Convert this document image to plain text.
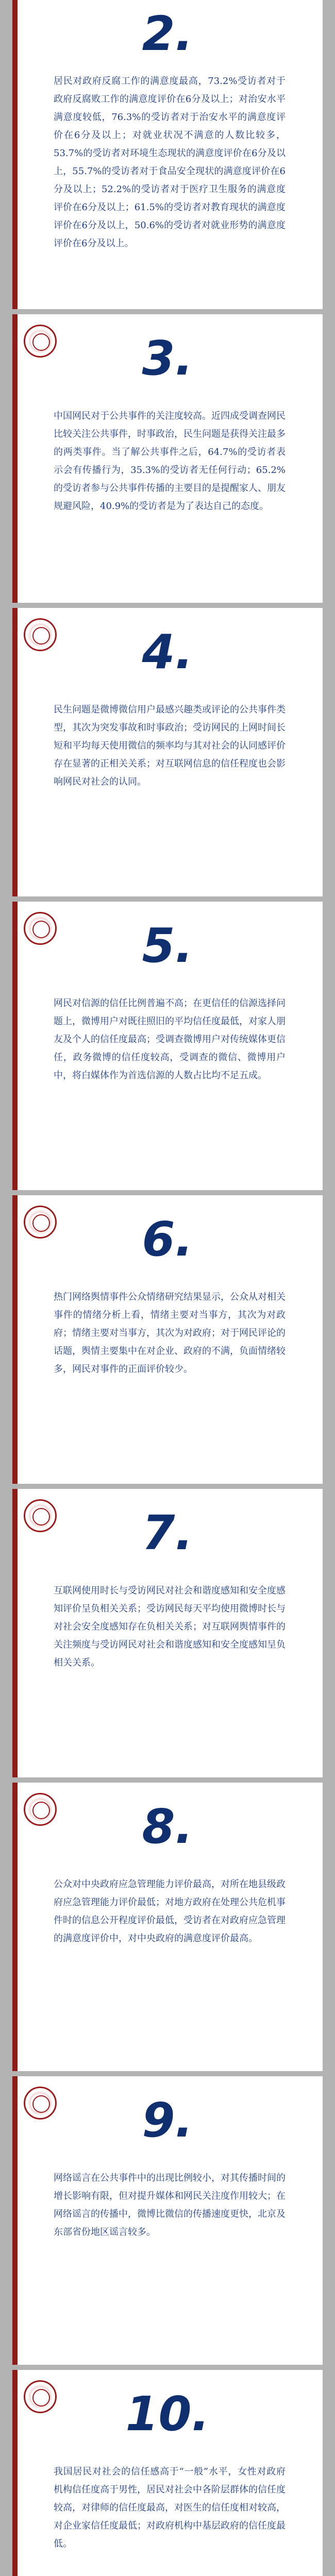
2.
居民对政府反腐工作的满意度最高，73.2%受访者对于政府反腐败工作的满意度评价在6分及以上；对治安水平满意度较低，76.3%的受访者对于治安水平的满意度评价在6分及以上；对就业状况不满意的人数比较多，53.7%的受访者对环境生态现状的满意度评价在6分及以上，55.7%的受访者对于食品安全现状的满意度评价在6分及以上；52.2%的受访者对于医疗卫生服务的满意度评价在6分及以上；61.5%的受访者对教育现状的满意度评价在6分及以上，50.6%的受访者对就业形势的满意度评价在6分及以上。
3.
中国网民对于公共事件的关注度较高。近四成受调查网民比较关注公共事件，时事政治，民生问题是获得关注最多的两类事件。当了解公共事件之后，64.7%的受访者表示会有传播行为，35.3%的受访者无任何行动；65.2%的受访者参与公共事件传播的主要目的是提醒家人、朋友规避风险，40.9%的受访者是为了表达自己的态度。
4.
民生问题是微博微信用户最感兴趣类或评论的公共事件类型，其次为突发事故和时事政治；受访网民的上网时间长短和平均每天使用微信的频率均与其对社会的认同感评价存在显著的正相关关系；对互联网信息的信任程度也会影响网民对社会的认同。
5.
网民对信源的信任比例普遍不高；在更信任的信源选择问题上，微博用户对既往照旧的平均信任度最低，对家人朋友及个人的信任度最高；受调查微博用户对传统媒体更信任，政务微博的信任度较高，受调查的微信、微博用户中，将白媒体作为首选信源的人数占比均不足五成。
6.
热门网络舆情事件公众情绪研究结果显示，公众从对相关事件的情绪分析上看，情绪主要对当事方，其次为对政府；情绪主要对当事方，其次为对政府；对于网民评论的话题，舆情主要集中在对企业、政府的不满，负面情绪较多，网民对事件的正面评价较少。
7.
互联网使用时长与受访网民对社会和谐度感知和安全度感知评价呈负相关关系；受访网民每天平均使用微博时长与对社会安全度感知存在负相关关系；对互联网舆情事件的关注频度与受访网民对社会和谐度感知和安全度感知呈负相关关系。
8.
公众对中央政府应急管理能力评价最高，对所在地县级政府应急管理能力评价最低；对地方政府在处理公共危机事件时的信息公开程度评价最低，受访者在对政府应急管理的满意度评价中，对中央政府的满意度评价最高。
9.
网络谣言在公共事件中的出现比例较小，对其传播时间的增长影响有限，但对提升媒体和网民关注度作用较大；在网络谣言的传播中，微博比微信的传播速度更快，北京及东部省份地区谣言较多。
10.
我国居民对社会的信任感高于“一般”水平，女性对政府机构信任度高于男性，居民对社会中各阶层群体的信任度较高，对律师的信任度最高，对医生的信任度相对较高，对企业家信任度最低；对政府机构中基层政府的信任度最低。
